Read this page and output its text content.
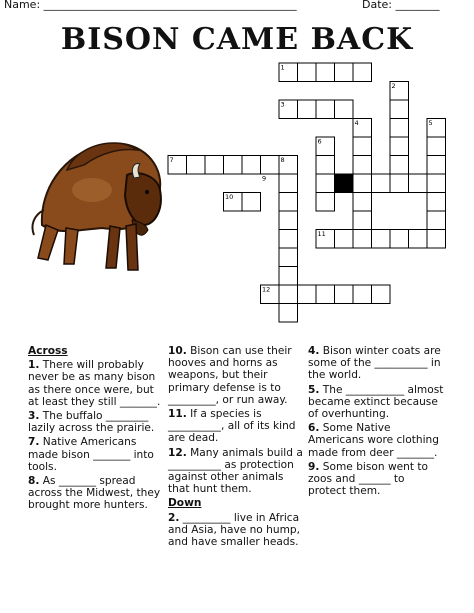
Name: ______________________________________________	Date: ________
BISON CAME BACK
1
2
3
4	5
6
7	8
9
10
11
12

Across

1. There will probably never be as many bison as there once were, but at least they still _______.

3. The buffalo ________ lazily across the prairie.

7. Native Americans made bison _______ into tools.

8. As _______ spread across the Midwest, they brought more hunters.

10. Bison can use their hooves and horns as weapons, but their primary defense is to _________, or run away.

11. If a species is __________, all of its kind are dead.

12. Many animals build a __________ as protection against other animals that hunt them.

Down

2. _________ live in Africa and Asia, have no hump, and have smaller heads.

4. Bison winter coats are some of the __________ in the world.

5. The ___________ almost became extinct because of overhunting.

6. Some Native Americans wore clothing made from deer _______.

9. Some bison went to zoos and ______ to protect them.
